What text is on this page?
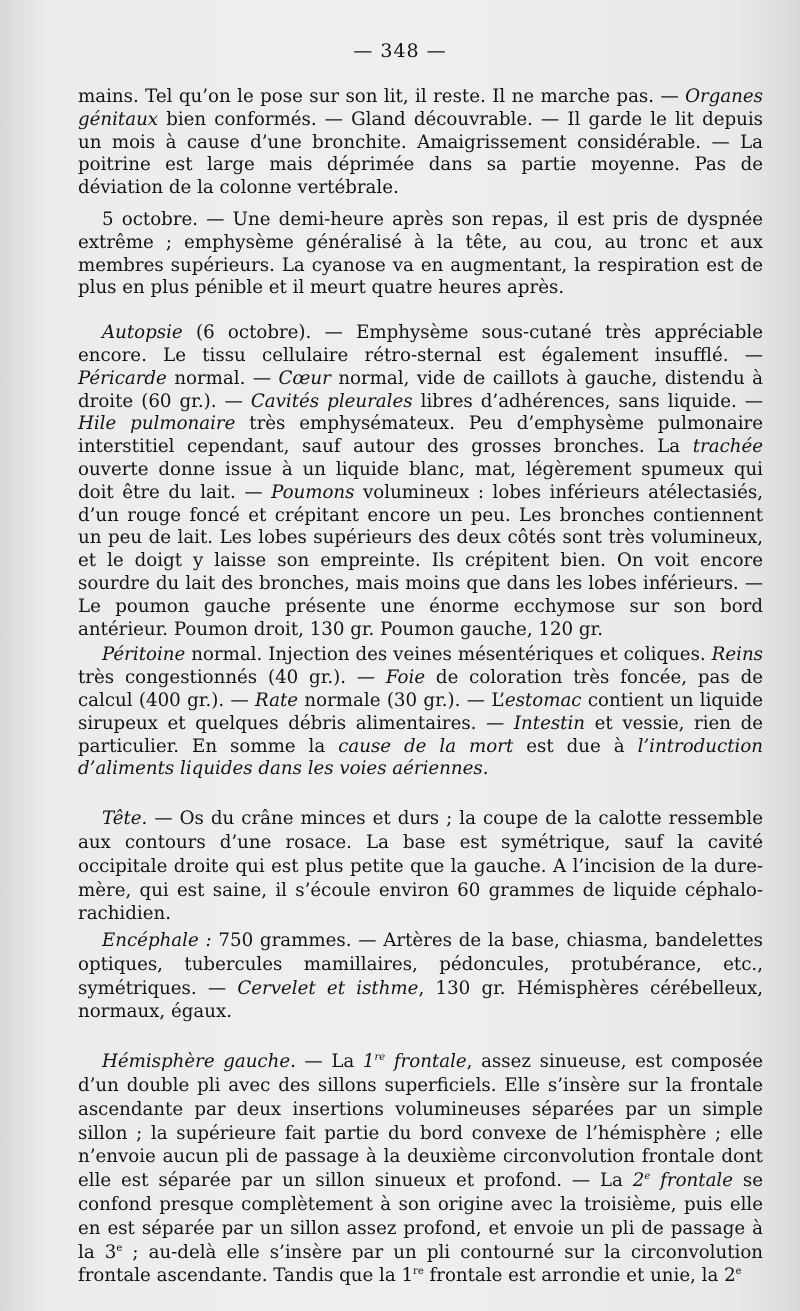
— 348 —

mains. Tel qu’on le pose sur son lit, il reste. Il ne marche pas. — Organes génitaux bien conformés. — Gland découvrable. — Il garde le lit depuis un mois à cause d’une bronchite. Amaigrissement considérable. — La poitrine est large mais déprimée dans sa partie moyenne. Pas de déviation de la colonne vertébrale.

5 octobre. — Une demi-heure après son repas, il est pris de dyspnée extrême ; emphysème généralisé à la tête, au cou, au tronc et aux membres supérieurs. La cyanose va en augmentant, la respiration est de plus en plus pénible et il meurt quatre heures après.

Autopsie (6 octobre). — Emphysème sous-cutané très appréciable encore. Le tissu cellulaire rétro-sternal est également insufflé. — Péricarde normal. — Cœur normal, vide de caillots à gauche, distendu à droite (60 gr.). — Cavités pleurales libres d’adhérences, sans liquide. — Hile pulmonaire très emphysémateux. Peu d’emphysème pulmonaire interstitiel cependant, sauf autour des grosses bronches. La trachée ouverte donne issue à un liquide blanc, mat, légèrement spumeux qui doit être du lait. — Poumons volumineux : lobes inférieurs atélectasiés, d’un rouge foncé et crépitant encore un peu. Les bronches contiennent un peu de lait. Les lobes supérieurs des deux côtés sont très volumineux, et le doigt y laisse son empreinte. Ils crépitent bien. On voit encore sourdre du lait des bronches, mais moins que dans les lobes inférieurs. — Le poumon gauche présente une énorme ecchymose sur son bord antérieur. Poumon droit, 130 gr. Poumon gauche, 120 gr.

Péritoine normal. Injection des veines mésentériques et coliques. Reins très congestionnés (40 gr.). — Foie de coloration très foncée, pas de calcul (400 gr.). — Rate normale (30 gr.). — L’estomac contient un liquide sirupeux et quelques débris alimentaires. — Intestin et vessie, rien de particulier. En somme la cause de la mort est due à l’introduction d’aliments liquides dans les voies aériennes.

Tête. — Os du crâne minces et durs ; la coupe de la calotte ressemble aux contours d’une rosace. La base est symétrique, sauf la cavité occipitale droite qui est plus petite que la gauche. A l’incision de la dure-mère, qui est saine, il s’écoule environ 60 grammes de liquide céphalo-rachidien.

Encéphale : 750 grammes. — Artères de la base, chiasma, bandelettes optiques, tubercules mamillaires, pédoncules, protubérance, etc., symétriques. — Cervelet et isthme, 130 gr. Hémisphères cérébelleux, normaux, égaux.

Hémisphère gauche. — La 1re frontale, assez sinueuse, est composée d’un double pli avec des sillons superficiels. Elle s’insère sur la frontale ascendante par deux insertions volumineuses séparées par un simple sillon ; la supérieure fait partie du bord convexe de l’hémisphère ; elle n’envoie aucun pli de passage à la deuxième circonvolution frontale dont elle est séparée par un sillon sinueux et profond. — La 2e frontale se confond presque complètement à son origine avec la troisième, puis elle en est séparée par un sillon assez profond, et envoie un pli de passage à la 3e ; au-delà elle s’insère par un pli contourné sur la circonvolution frontale ascendante. Tandis que la 1re frontale est arrondie et unie, la 2e
